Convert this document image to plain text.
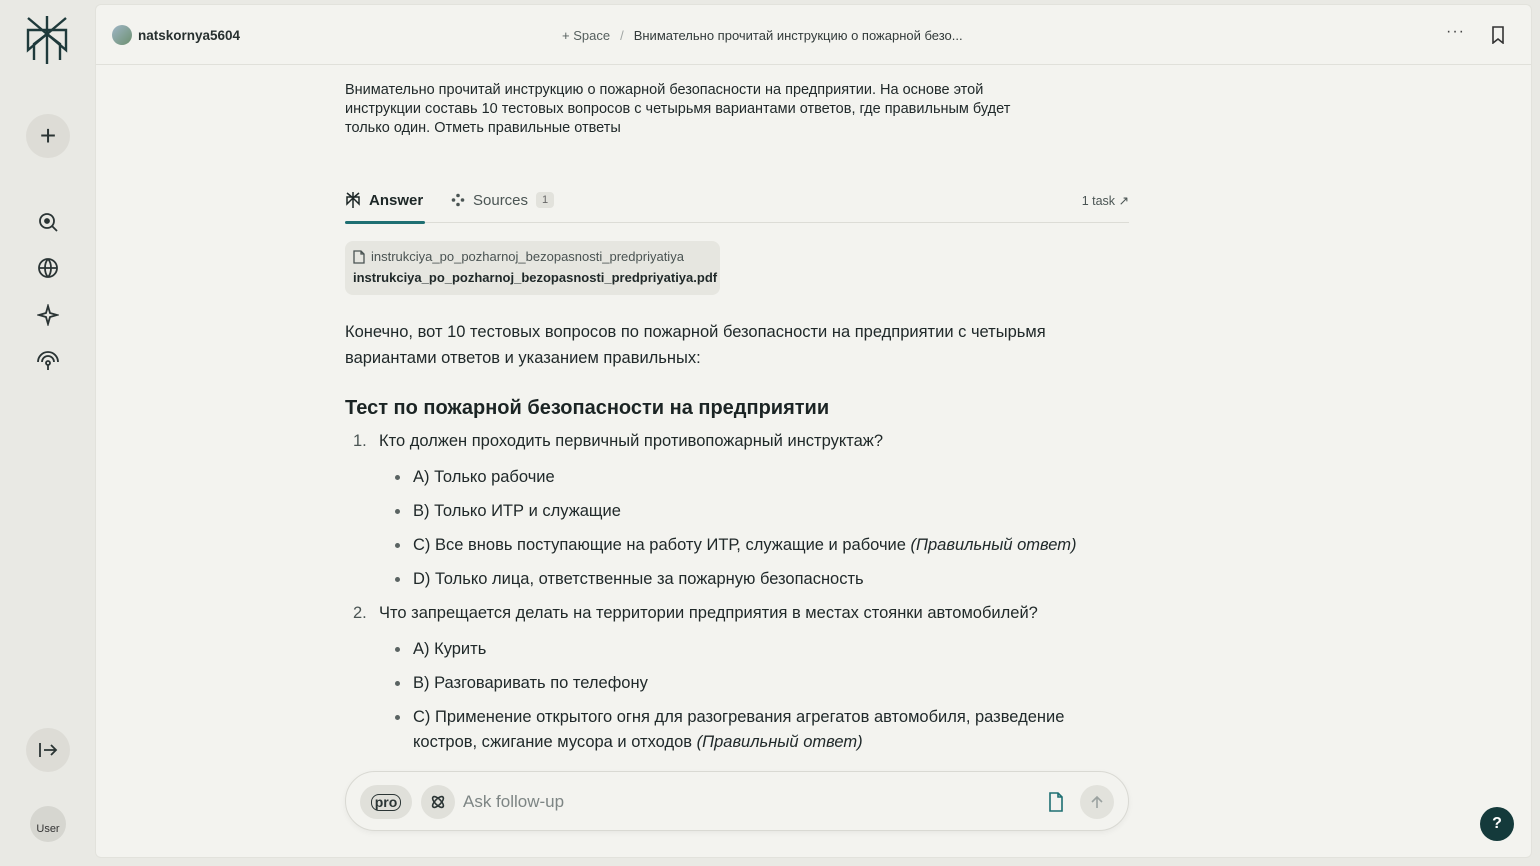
+
User
natskornya5604	+ Space / Внимательно прочитай инструкцию о пожарной безо...	···
Внимательно прочитай инструкцию о пожарной безопасности на предприятии. На основе этой инструкции составь 10 тестовых вопросов с четырьмя вариантами ответов, где правильным будет только один. Отметь правильные ответы
Answer	Sources	1	1 task ↗
instrukciya_po_pozharnoj_bezopasnosti_predpriyatiya
instrukciya_po_pozharnoj_bezopasnosti_predpriyatiya.pdf

Конечно, вот 10 тестовых вопросов по пожарной безопасности на предприятии с четырьмя вариантами ответов и указанием правильных:

Тест по пожарной безопасности на предприятии
1. Кто должен проходить первичный противопожарный инструктаж?
A) Только рабочие
B) Только ИТР и служащие
C) Все вновь поступающие на работу ИТР, служащие и рабочие (Правильный ответ)
D) Только лица, ответственные за пожарную безопасность
2. Что запрещается делать на территории предприятия в местах стоянки автомобилей?
A) Курить
B) Разговаривать по телефону
C) Применение открытого огня для разогревания агрегатов автомобиля, разведение костров, сжигание мусора и отходов (Правильный ответ)
pro
Ask follow-up
?
